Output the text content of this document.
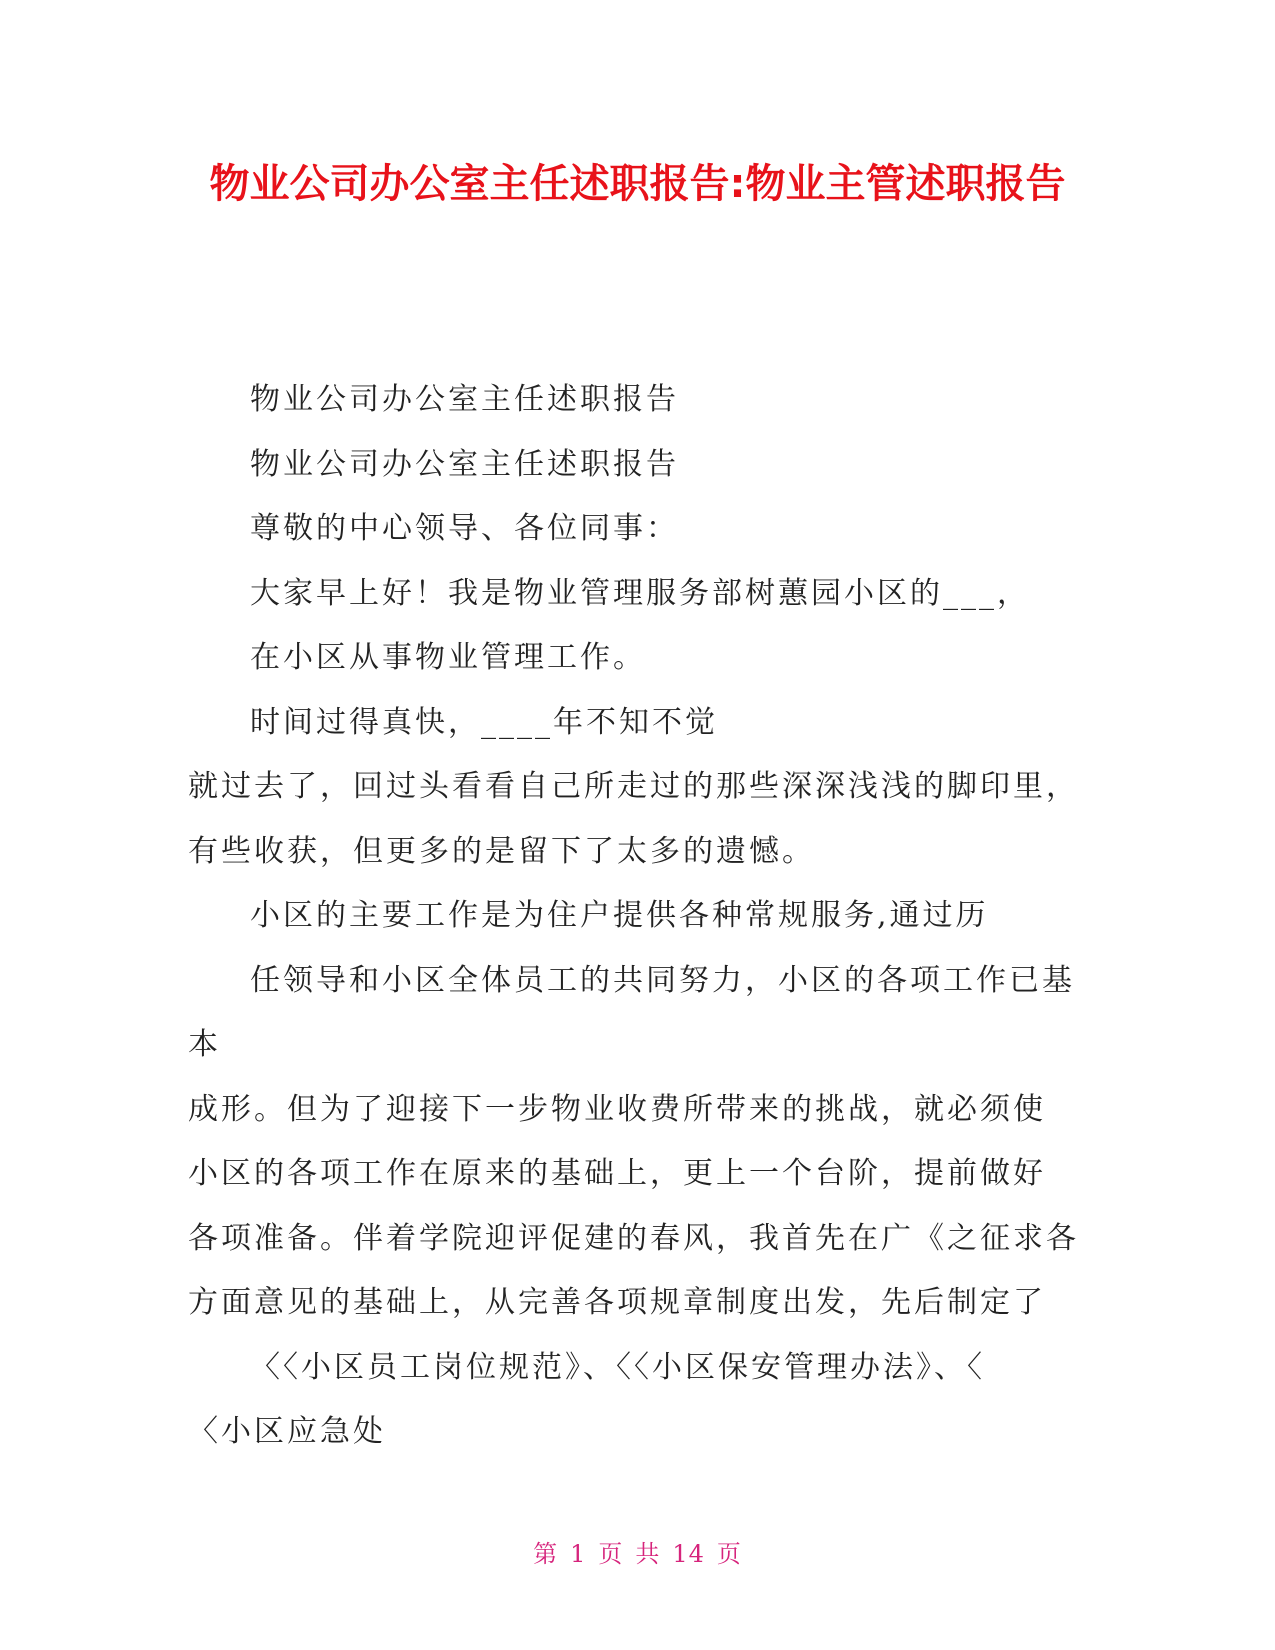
物业公司办公室主任述职报告:物业主管述职报告
物业公司办公室主任述职报告
物业公司办公室主任述职报告
尊敬的中心领导、各位同事：
大家早上好！我是物业管理服务部树蕙园小区的___，
在小区从事物业管理工作。
时间过得真快，____年不知不觉
就过去了，回过头看看自己所走过的那些深深浅浅的脚印里，
有些收获，但更多的是留下了太多的遗憾。
小区的主要工作是为住户提供各种常规服务,通过历
任领导和小区全体员工的共同努力，小区的各项工作已基
本
成形。但为了迎接下一步物业收费所带来的挑战，就必须使
小区的各项工作在原来的基础上，更上一个台阶，提前做好
各项准备。伴着学院迎评促建的春风，我首先在广《之征求各
方面意见的基础上，从完善各项规章制度出发，先后制定了
〈〈小区员工岗位规范》、〈〈小区保安管理办法》、〈
〈小区应急处
第 1 页 共 14 页
